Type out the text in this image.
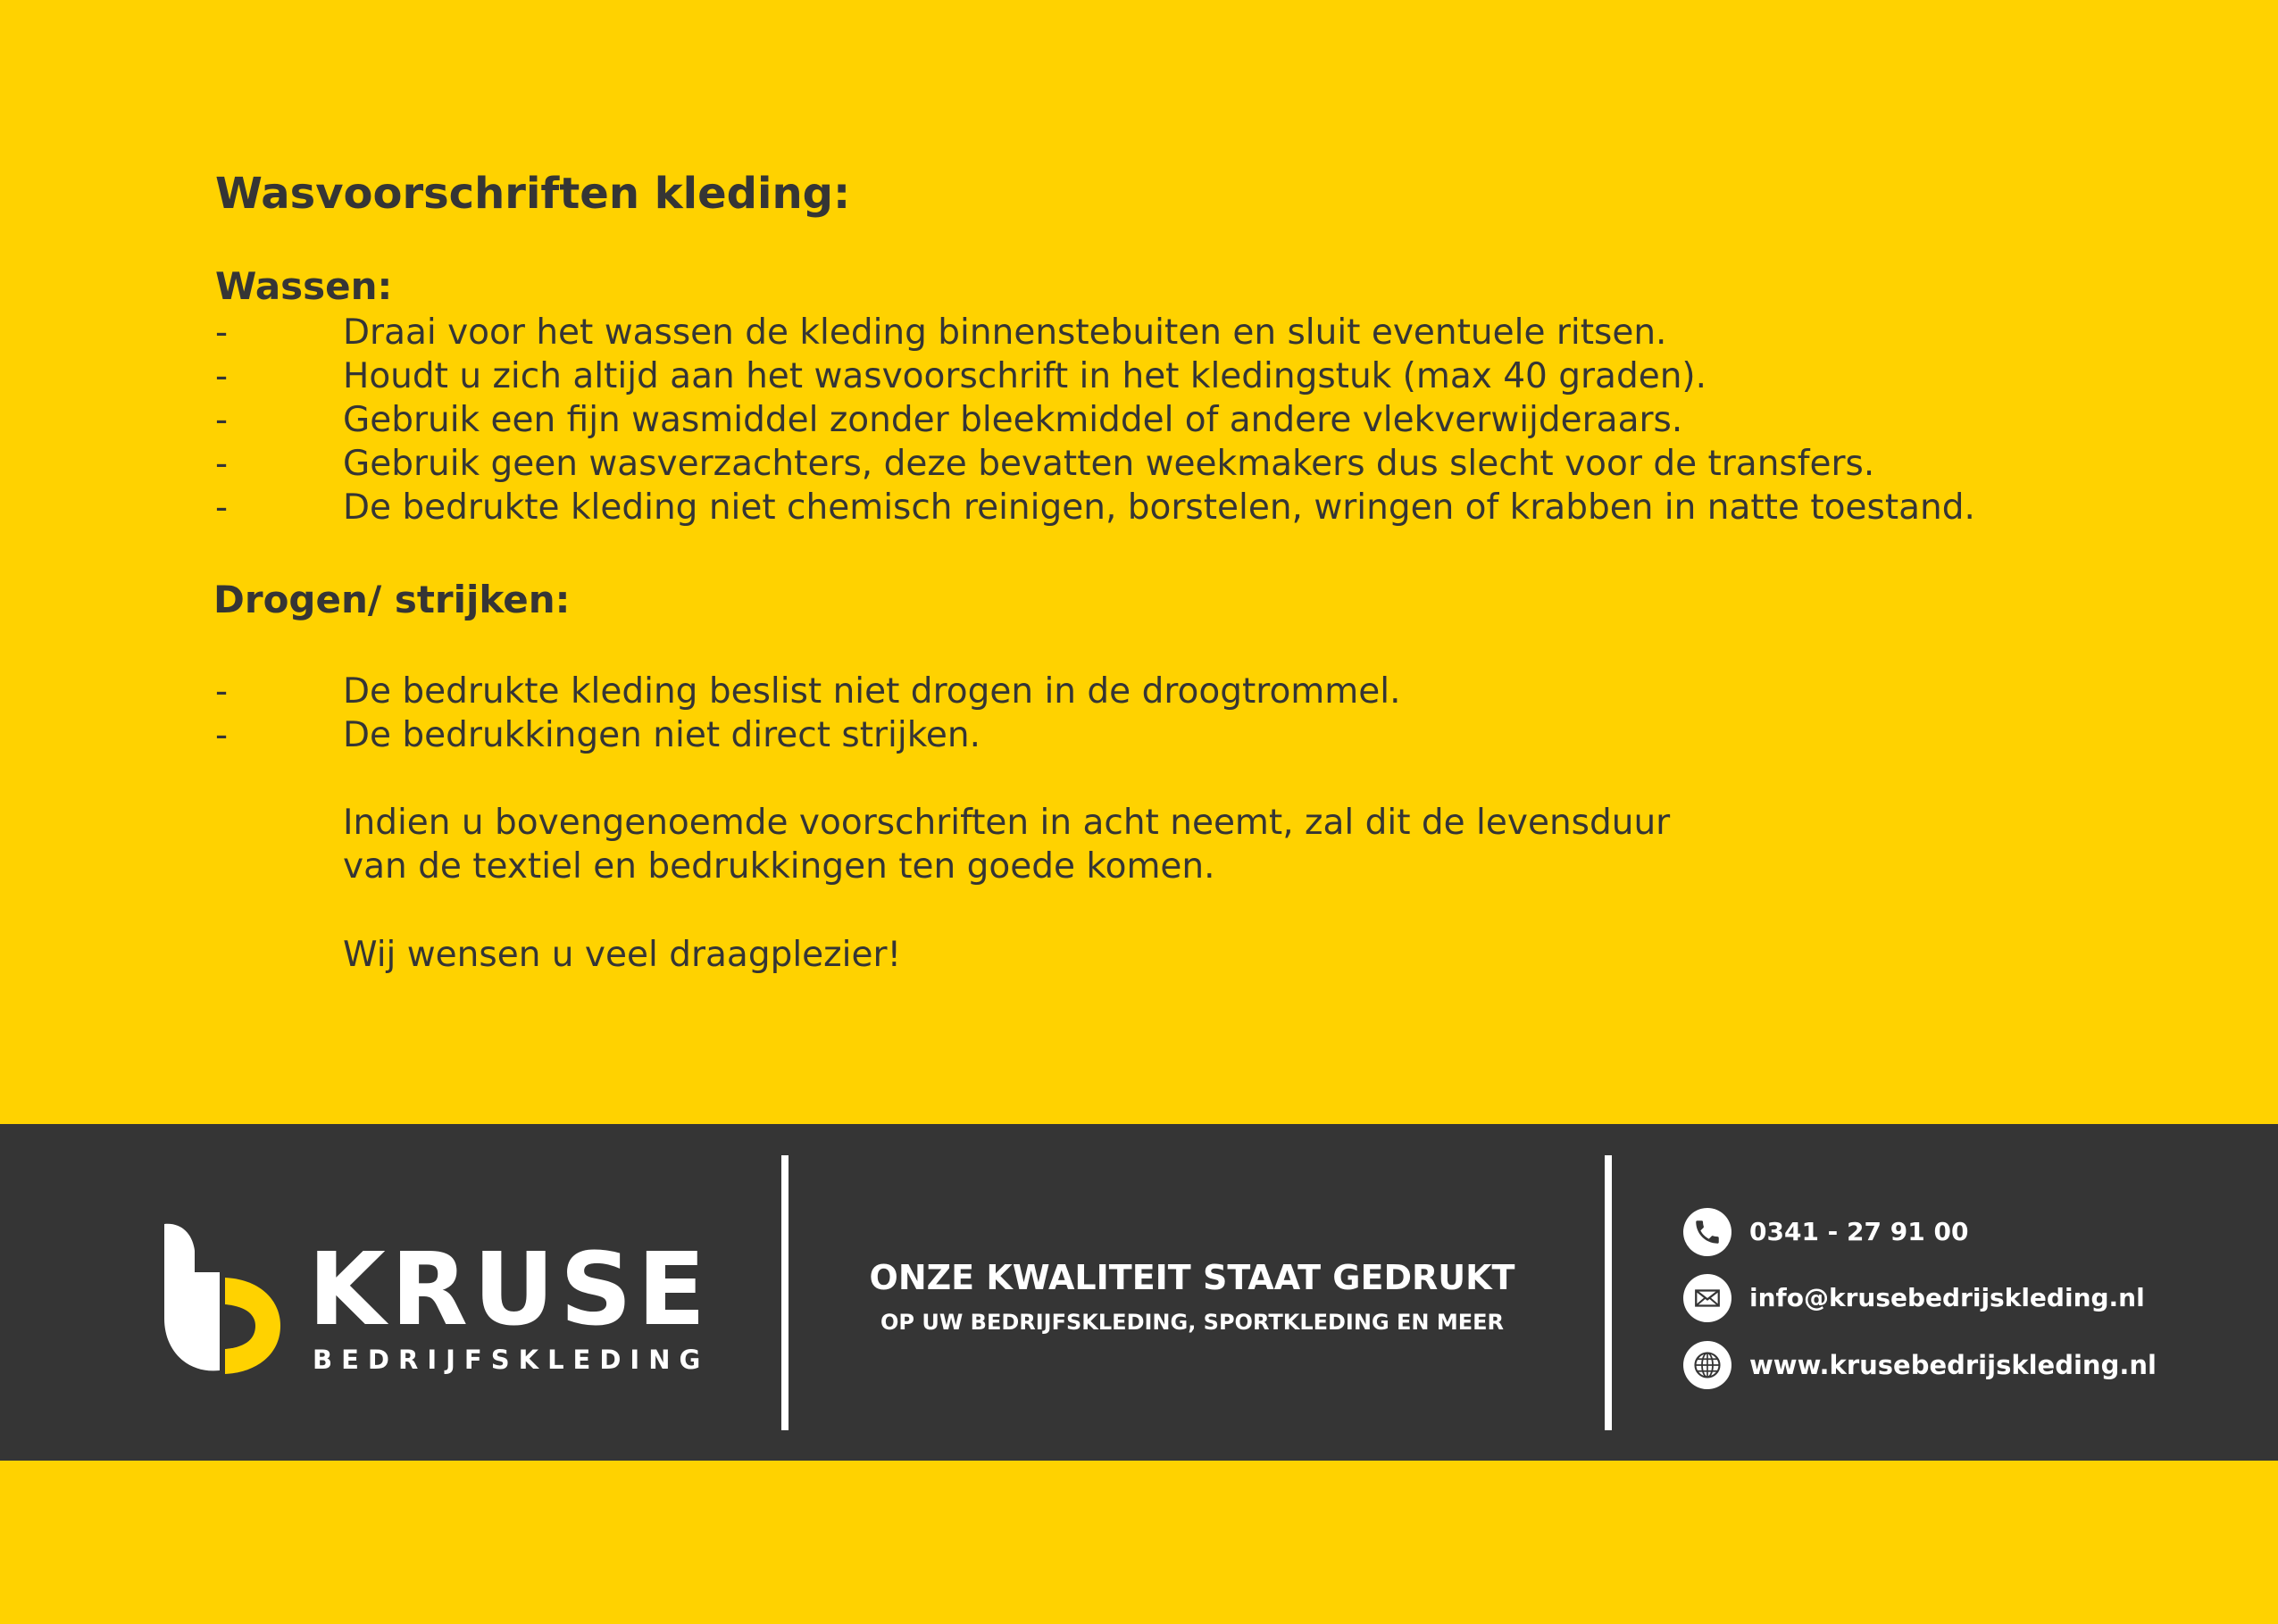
Wasvoorschriften kleding:
Wassen:
-	Draai voor het wassen de kleding binnenstebuiten en sluit eventuele ritsen.
-	Houdt u zich altijd aan het wasvoorschrift in het kledingstuk (max 40 graden).
-	Gebruik een fijn wasmiddel zonder bleekmiddel of andere vlekverwijderaars.
-	Gebruik geen wasverzachters, deze bevatten weekmakers dus slecht voor de transfers.
-	De bedrukte kleding niet chemisch reinigen, borstelen, wringen of krabben in natte toestand.
Drogen/ strijken:
-	De bedrukte kleding beslist niet drogen in de droogtrommel.
-	De bedrukkingen niet direct strijken.
Indien u bovengenoemde voorschriften in acht neemt, zal dit de levensduur
van de textiel en bedrukkingen ten goede komen.
Wij wensen u veel draagplezier!
KRUSE
BEDRIJFSKLEDING
ONZE KWALITEIT STAAT GEDRUKT
OP UW BEDRIJFSKLEDING, SPORTKLEDING EN MEER
0341 - 27 91 00
info@krusebedrijskleding.nl
www.krusebedrijskleding.nl
